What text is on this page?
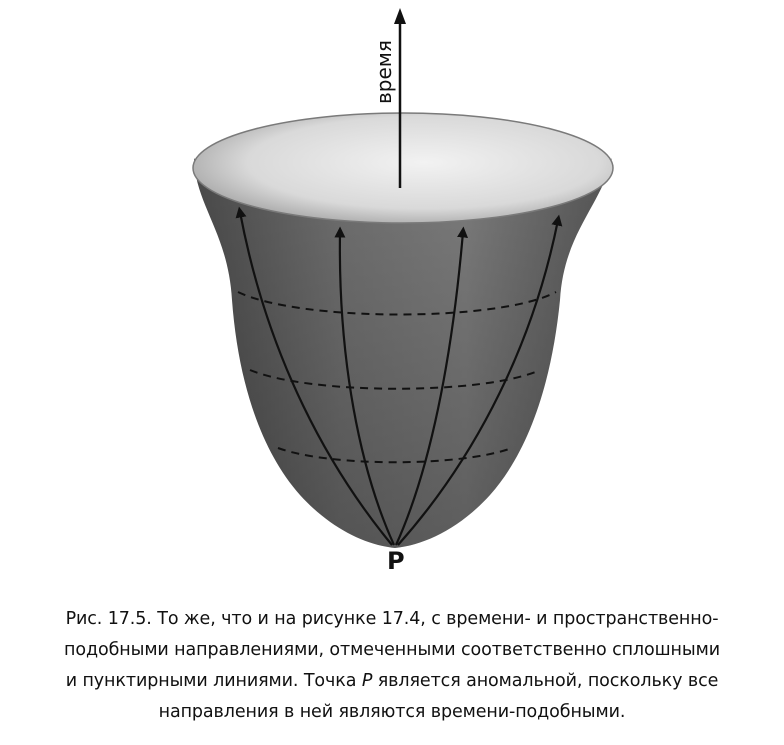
время
P
Рис. 17.5. То же, что и на рисунке 17.4, с времени- и пространственно-
подобными направлениями, отмеченными соответственно сплошными
и пунктирными линиями. Точка P является аномальной, поскольку все
направления в ней являются времени-подобными.
